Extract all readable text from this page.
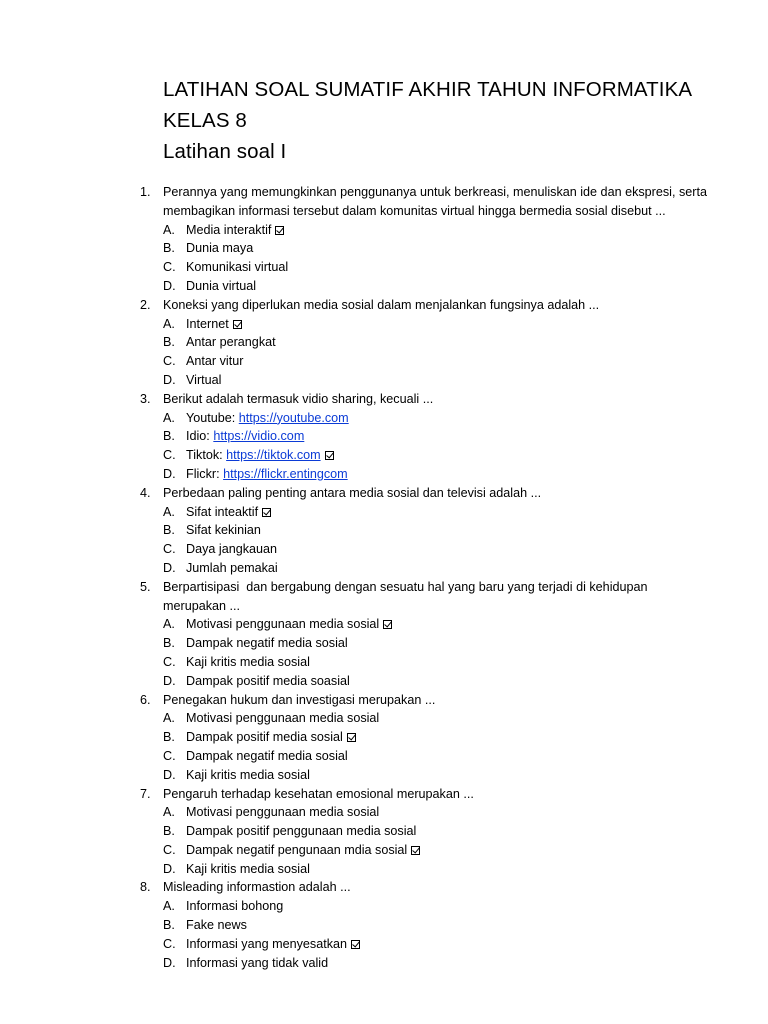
LATIHAN SOAL SUMATIF AKHIR TAHUN INFORMATIKA
KELAS 8
Latihan soal I
1. Perannya yang memungkinkan penggunanya untuk berkreasi, menuliskan ide dan ekspresi, serta
membagikan informasi tersebut dalam komunitas virtual hingga bermedia sosial disebut ...
A. Media interaktif
B. Dunia maya
C. Komunikasi virtual
D. Dunia virtual
2. Koneksi yang diperlukan media sosial dalam menjalankan fungsinya adalah ...
A. Internet
B. Antar perangkat
C. Antar vitur
D. Virtual
3. Berikut adalah termasuk vidio sharing, kecuali ...
A. Youtube: https://youtube.com
B. Idio: https://vidio.com
C. Tiktok: https://tiktok.com
D. Flickr: https://flickr.entingcom
4. Perbedaan paling penting antara media sosial dan televisi adalah ...
A. Sifat inteaktif
B. Sifat kekinian
C. Daya jangkauan
D. Jumlah pemakai
5. Berpartisipasi  dan bergabung dengan sesuatu hal yang baru yang terjadi di kehidupan
merupakan ...
A. Motivasi penggunaan media sosial
B. Dampak negatif media sosial
C. Kaji kritis media sosial
D. Dampak positif media soasial
6. Penegakan hukum dan investigasi merupakan ...
A. Motivasi penggunaan media sosial
B. Dampak positif media sosial
C. Dampak negatif media sosial
D. Kaji kritis media sosial
7. Pengaruh terhadap kesehatan emosional merupakan ...
A. Motivasi penggunaan media sosial
B. Dampak positif penggunaan media sosial
C. Dampak negatif pengunaan mdia sosial
D. Kaji kritis media sosial
8. Misleading informastion adalah ...
A. Informasi bohong
B. Fake news
C. Informasi yang menyesatkan
D. Informasi yang tidak valid
